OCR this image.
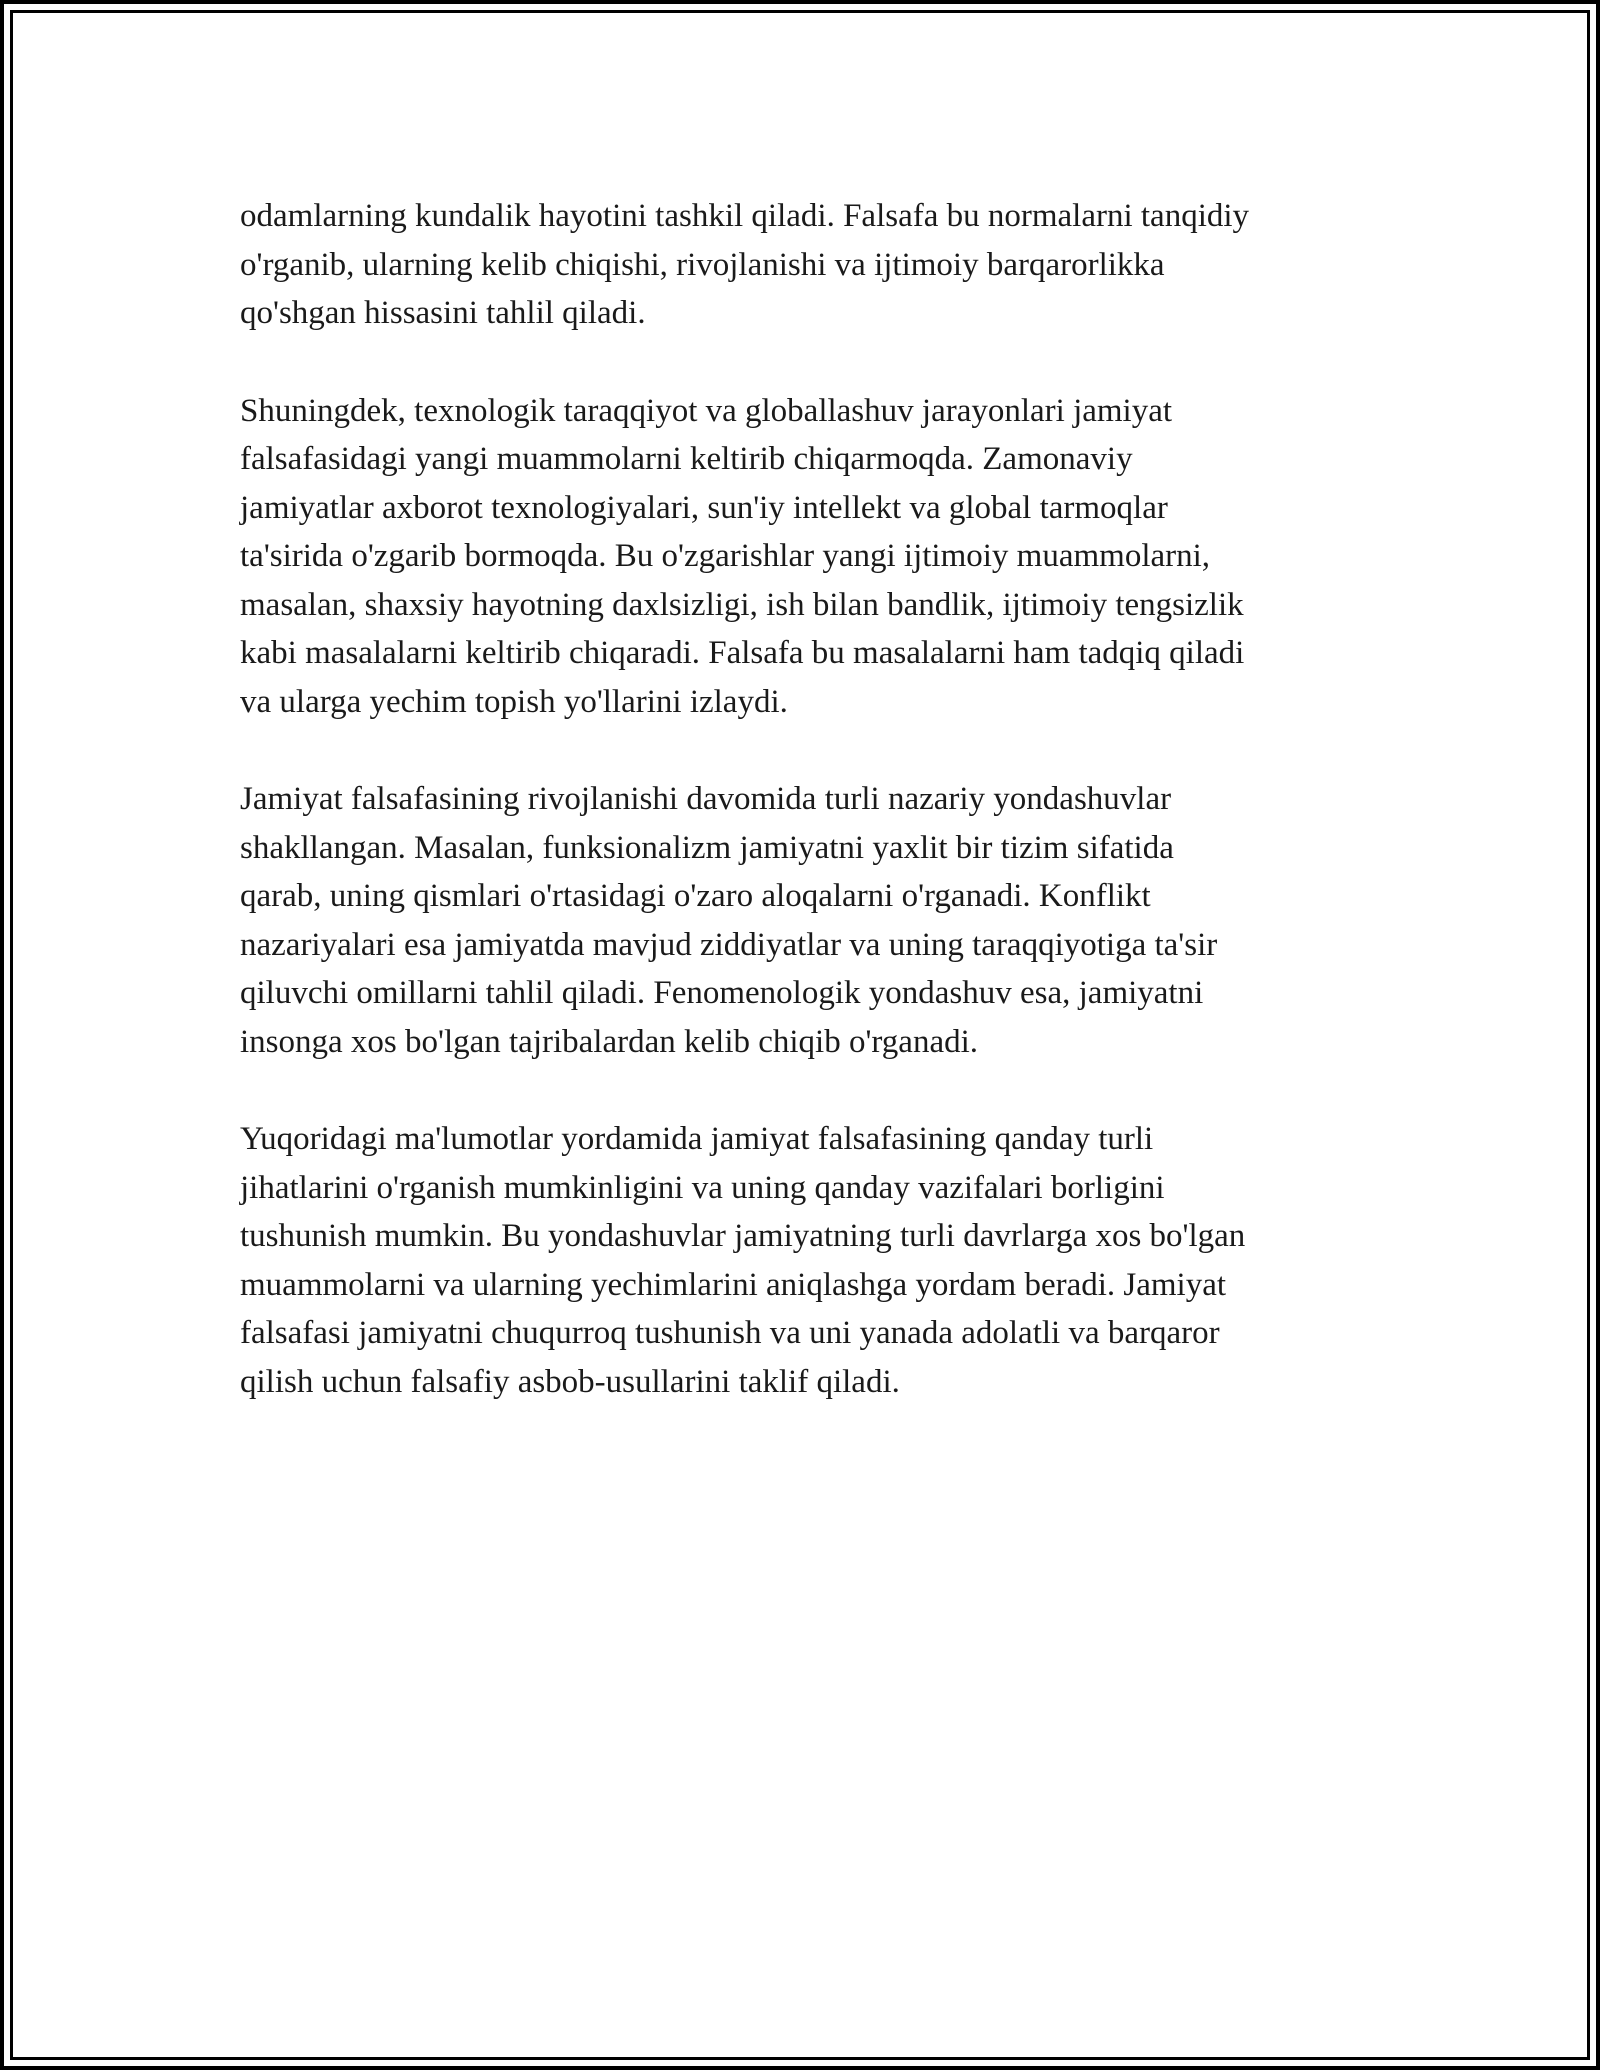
odamlarning kundalik hayotini tashkil qiladi. Falsafa bu normalarni tanqidiy
o'rganib, ularning kelib chiqishi, rivojlanishi va ijtimoiy barqarorlikka
qo'shgan hissasini tahlil qiladi.

Shuningdek, texnologik taraqqiyot va globallashuv jarayonlari jamiyat
falsafasidagi yangi muammolarni keltirib chiqarmoqda. Zamonaviy
jamiyatlar axborot texnologiyalari, sun'iy intellekt va global tarmoqlar
ta'sirida o'zgarib bormoqda. Bu o'zgarishlar yangi ijtimoiy muammolarni,
masalan, shaxsiy hayotning daxlsizligi, ish bilan bandlik, ijtimoiy tengsizlik
kabi masalalarni keltirib chiqaradi. Falsafa bu masalalarni ham tadqiq qiladi
va ularga yechim topish yo'llarini izlaydi.

Jamiyat falsafasining rivojlanishi davomida turli nazariy yondashuvlar
shakllangan. Masalan, funksionalizm jamiyatni yaxlit bir tizim sifatida
qarab, uning qismlari o'rtasidagi o'zaro aloqalarni o'rganadi. Konflikt
nazariyalari esa jamiyatda mavjud ziddiyatlar va uning taraqqiyotiga ta'sir
qiluvchi omillarni tahlil qiladi. Fenomenologik yondashuv esa, jamiyatni
insonga xos bo'lgan tajribalardan kelib chiqib o'rganadi.

Yuqoridagi ma'lumotlar yordamida jamiyat falsafasining qanday turli
jihatlarini o'rganish mumkinligini va uning qanday vazifalari borligini
tushunish mumkin. Bu yondashuvlar jamiyatning turli davrlarga xos bo'lgan
muammolarni va ularning yechimlarini aniqlashga yordam beradi. Jamiyat
falsafasi jamiyatni chuqurroq tushunish va uni yanada adolatli va barqaror
qilish uchun falsafiy asbob-usullarini taklif qiladi.
